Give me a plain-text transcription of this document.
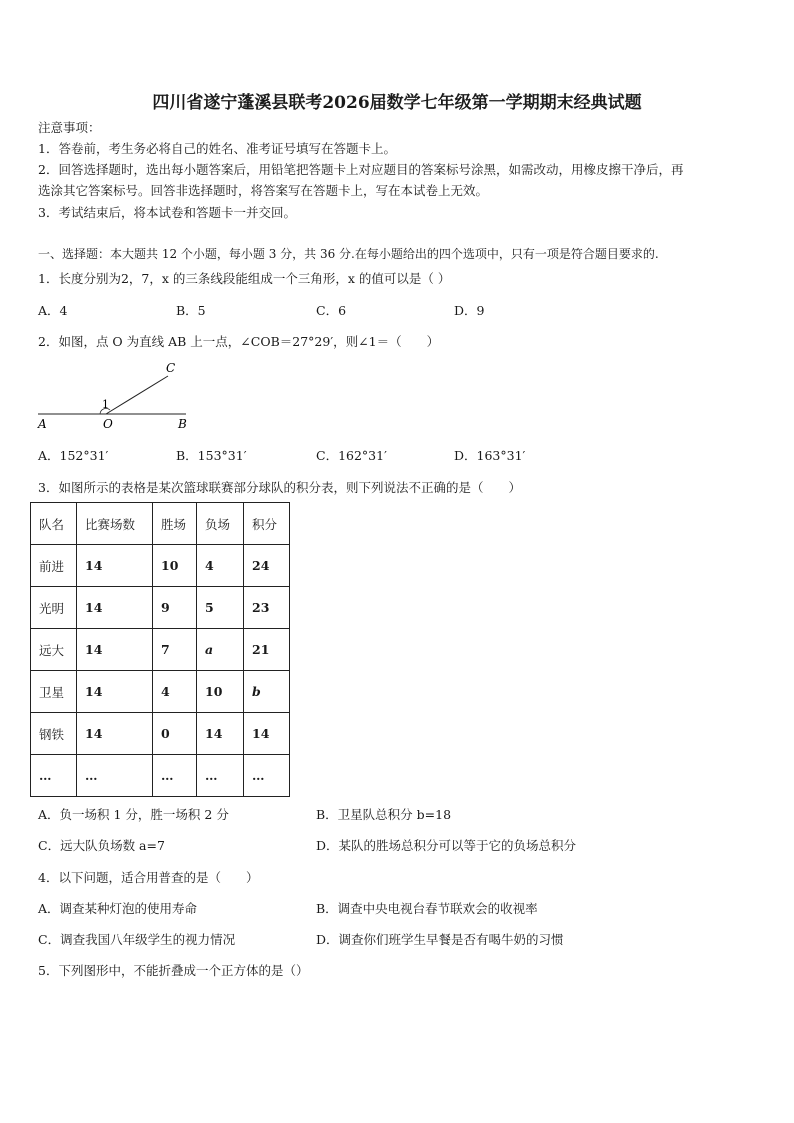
四川省遂宁蓬溪县联考2026届数学七年级第一学期期末经典试题
注意事项：
1．答卷前，考生务必将自己的姓名、准考证号填写在答题卡上。
2．回答选择题时，选出每小题答案后，用铅笔把答题卡上对应题目的答案标号涂黑，如需改动，用橡皮擦干净后，再
选涂其它答案标号。回答非选择题时，将答案写在答题卡上，写在本试卷上无效。
3．考试结束后，将本试卷和答题卡一并交回。
一、选择题：本大题共 12 个小题，每小题 3 分，共 36 分.在每小题给出的四个选项中，只有一项是符合题目要求的.
1．长度分别为2，7，x 的三条线段能组成一个三角形，x 的值可以是（ ）
A．4	B．5	C．6	D．9
2．如图，点 O 为直线 AB 上一点，∠COB＝27°29′，则∠1＝（　　）
C
1
A	O	B
A．152°31′	B．153°31′	C．162°31′	D．163°31′
3．如图所示的表格是某次篮球联赛部分球队的积分表，则下列说法不正确的是（　　）
队名	比赛场数	胜场	负场	积分
前进	14	10	4	24
光明	14	9	5	23
远大	14	7	a	21
卫星	14	4	10	b
钢铁	14	0	14	14
…	…	…	…	…
A．负一场积 1 分，胜一场积 2 分	B．卫星队总积分 b=18
C．远大队负场数 a=7	D．某队的胜场总积分可以等于它的负场总积分
4．以下问题，适合用普查的是（　　）
A．调查某种灯泡的使用寿命	B．调查中央电视台春节联欢会的收视率
C．调查我国八年级学生的视力情况	D．调查你们班学生早餐是否有喝牛奶的习惯
5．下列图形中，不能折叠成一个正方体的是（）
